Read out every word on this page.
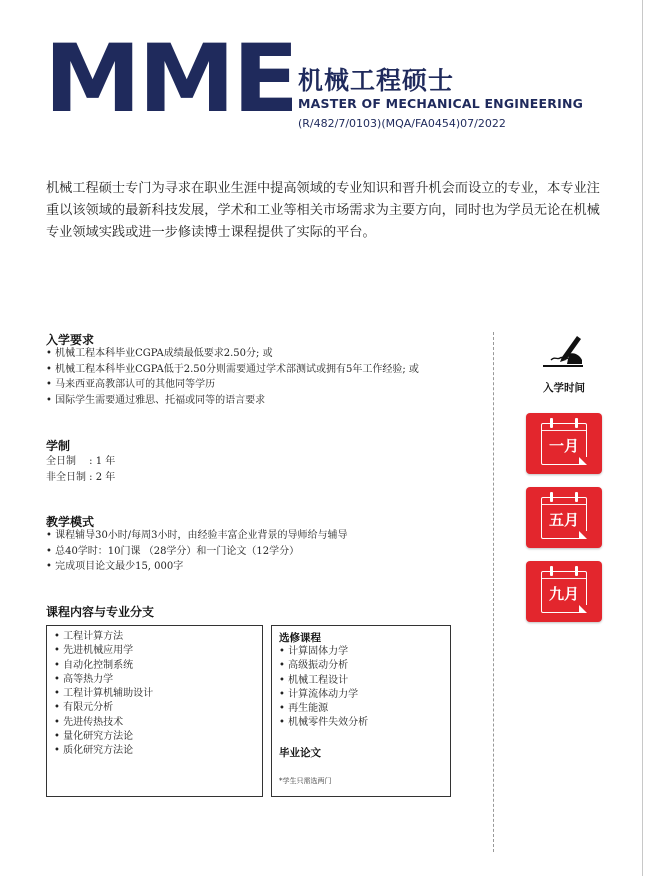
MME 机械工程硕士
MASTER OF MECHANICAL ENGINEERING
(R/482/7/0103)(MQA/FA0454)07/2022

机械工程硕士专门为寻求在职业生涯中提高领域的专业知识和晋升机会而设立的专业，本专业注重以该领域的最新科技发展，学术和工业等相关市场需求为主要方向，同时也为学员无论在机械专业领域实践或进一步修读博士课程提供了实际的平台。

入学要求
• 机械工程本科毕业CGPA成绩最低要求2.50分; 或
• 机械工程本科毕业CGPA低于2.50分则需要通过学术部测试或拥有5年工作经验; 或
• 马来西亚高教部认可的其他同等学历
• 国际学生需要通过雅思、托福或同等的语言要求
学制
全日制 　: 1 年
非全日制 : 2 年
教学模式
• 课程辅导30小时/每周3小时，由经验丰富企业背景的导师给与辅导
• 总40学时：10门课 （28学分）和一门论文（12学分）
• 完成项目论文最少15, 000字
课程内容与专业分支
• 工程计算方法
• 先进机械应用学
• 自动化控制系统
• 高等热力学
• 工程计算机辅助设计
• 有限元分析
• 先进传热技术
• 量化研究方法论
• 质化研究方法论
选修课程
• 计算固体力学
• 高级振动分析
• 机械工程设计
• 计算流体动力学
• 再生能源
• 机械零件失效分析
毕业论文
*学生只需选两门
入学时间
一月
五月
九月
